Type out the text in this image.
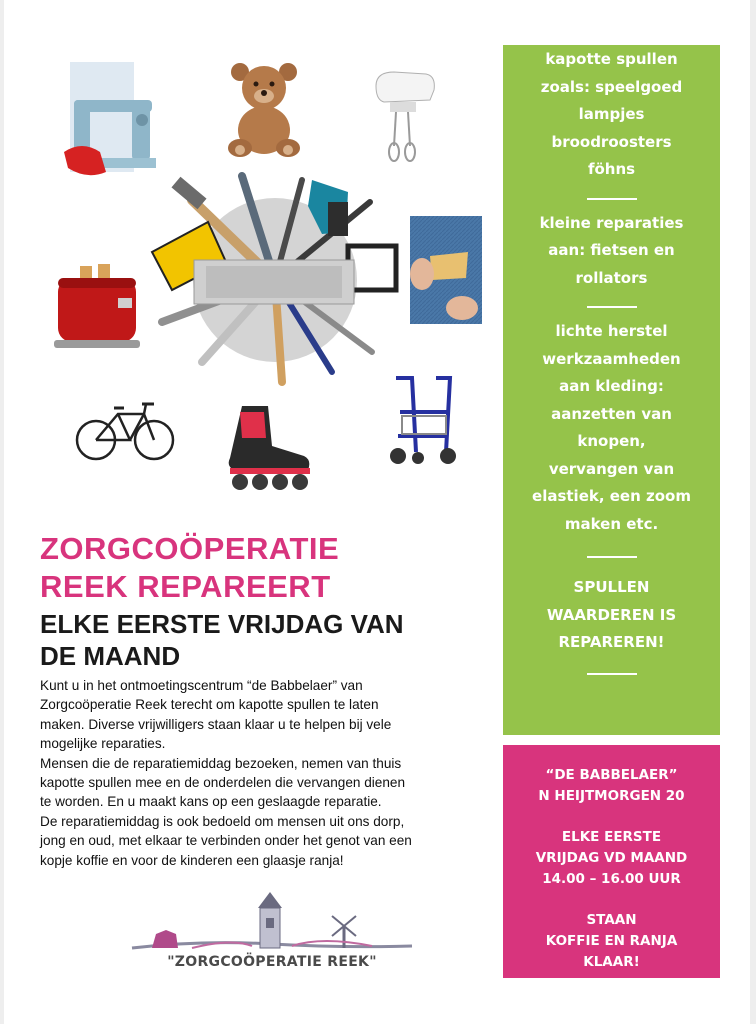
kapotte spullen
zoals: speelgoed
lampjes
broodroosters
föhns
kleine reparaties
aan: fietsen en
rollators
lichte herstel
werkzaamheden
aan kleding:
aanzetten van
knopen,
vervangen van
elastiek, een zoom
maken etc.
SPULLEN
WAARDEREN IS
REPAREREN!
“DE BABBELAER”
N HEIJTMORGEN 20
ELKE EERSTE
VRIJDAG VD MAAND
14.00 – 16.00 UUR
STAAN
KOFFIE EN RANJA
KLAAR!
ZORGCOÖPERATIE
REEK REPAREERT
ELKE EERSTE VRIJDAG VAN
DE MAAND
Kunt u in het ontmoetingscentrum “de Babbelaer” van
Zorgcoöperatie Reek terecht om kapotte spullen te laten
maken. Diverse vrijwilligers staan klaar u te helpen bij vele
mogelijke reparaties.
Mensen die de reparatiemiddag bezoeken, nemen van thuis
kapotte spullen mee en de onderdelen die vervangen dienen
te worden. En u maakt kans op een geslaagde reparatie.
De reparatiemiddag is ook bedoeld om mensen uit ons dorp,
jong en oud, met elkaar te verbinden onder het genot van een
kopje koffie en voor de kinderen een glaasje ranja!
"ZORGCOÖPERATIE REEK"
